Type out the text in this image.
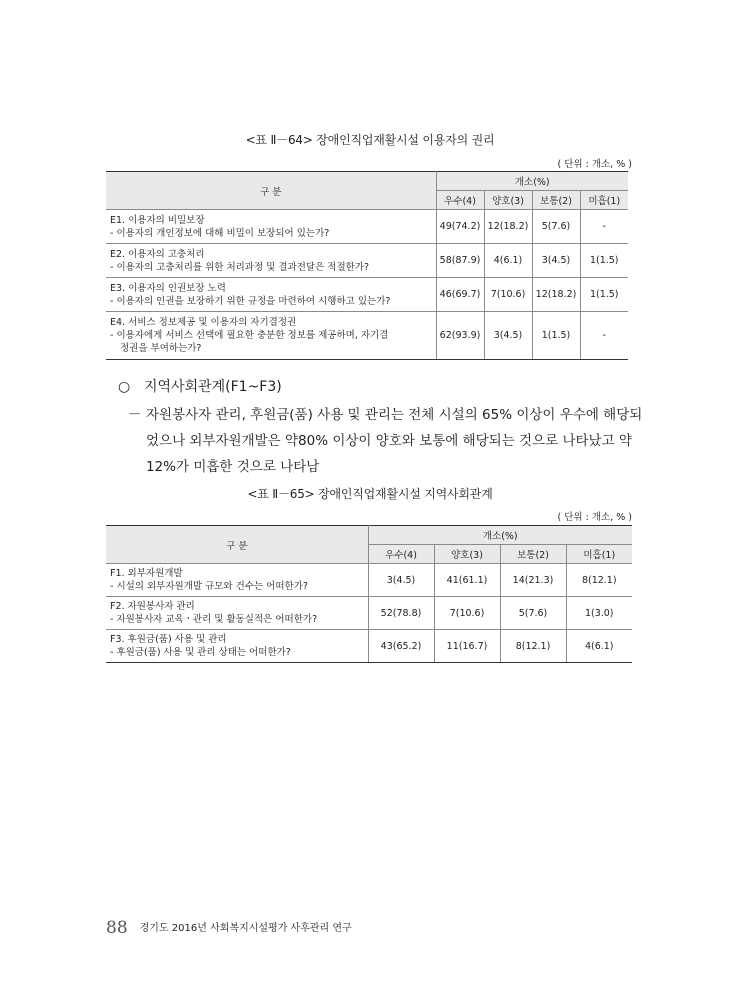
<표 Ⅱ－64> 장애인직업재활시설 이용자의 권리
( 단위 : 개소, % )
구 분	개소(%)			
	우수(4)	양호(3)	보통(2)	미흡(1)

E1. 이용자의 비밀보장
- 이용자의 개인정보에 대해 비밀이 보장되어 있는가?	49(74.2)	12(18.2)	5(7.6)	-

E2. 이용자의 고충처리
- 이용자의 고충처리를 위한 처리과정 및 결과전달은 적절한가?	58(87.9)	4(6.1)	3(4.5)	1(1.5)

E3. 이용자의 인권보장 노력
- 이용자의 인권을 보장하기 위한 규정을 마련하여 시행하고 있는가?	46(69.7)	7(10.6)	12(18.2)	1(1.5)

E4. 서비스 정보제공 및 이용자의 자기결정권
- 이용자에게 서비스 선택에 필요한 충분한 정보를 제공하며, 자기결
정권을 부여하는가?	62(93.9)	3(4.5)	1(1.5)	-
○ 지역사회관계(F1~F3)
－ 자원봉사자 관리, 후원금(품) 사용 및 관리는 전체 시설의 65% 이상이 우수에 해당되
었으나 외부자원개발은 약80% 이상이 양호와 보통에 해당되는 것으로 나타났고 약
12%가 미흡한 것으로 나타남
<표 Ⅱ－65> 장애인직업재활시설 지역사회관계
( 단위 : 개소, % )
구 분	개소(%)			
	우수(4)	양호(3)	보통(2)	미흡(1)

F1. 외부자원개발
- 시설의 외부자원개발 규모와 건수는 어떠한가?	3(4.5)	41(61.1)	14(21.3)	8(12.1)

F2. 자원봉사자 관리
- 자원봉사자 교육ㆍ관리 및 활동실적은 어떠한가?	52(78.8)	7(10.6)	5(7.6)	1(3.0)

F3. 후원금(품) 사용 및 관리
- 후원금(품) 사용 및 관리 상태는 어떠한가?	43(65.2)	11(16.7)	8(12.1)	4(6.1)
88 경기도 2016년 사회복지시설평가 사후관리 연구
